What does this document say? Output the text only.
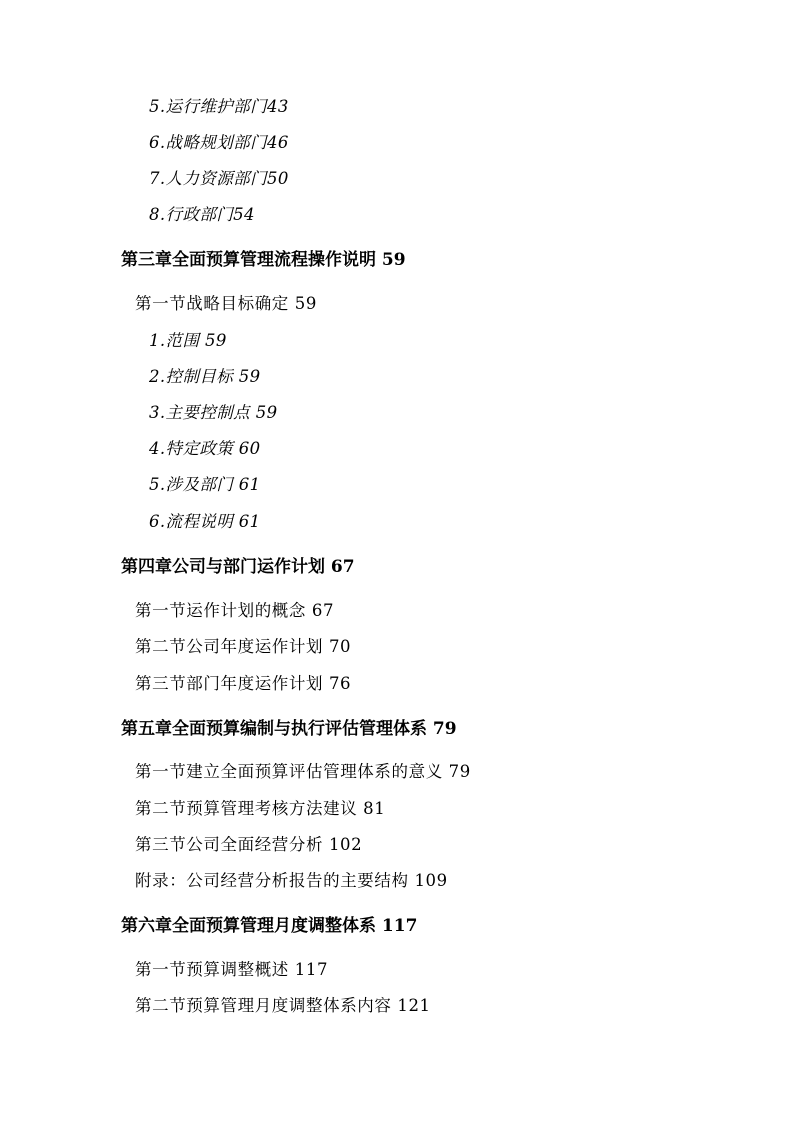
5.运行维护部门43
6.战略规划部门46
7.人力资源部门50
8.行政部门54
第三章全面预算管理流程操作说明 59
第一节战略目标确定 59
1.范围 59
2.控制目标 59
3.主要控制点 59
4.特定政策 60
5.涉及部门 61
6.流程说明 61
第四章公司与部门运作计划 67
第一节运作计划的概念 67
第二节公司年度运作计划 70
第三节部门年度运作计划 76
第五章全面预算编制与执行评估管理体系 79
第一节建立全面预算评估管理体系的意义 79
第二节预算管理考核方法建议 81
第三节公司全面经营分析 102
附录：公司经营分析报告的主要结构 109
第六章全面预算管理月度调整体系 117
第一节预算调整概述 117
第二节预算管理月度调整体系内容 121
